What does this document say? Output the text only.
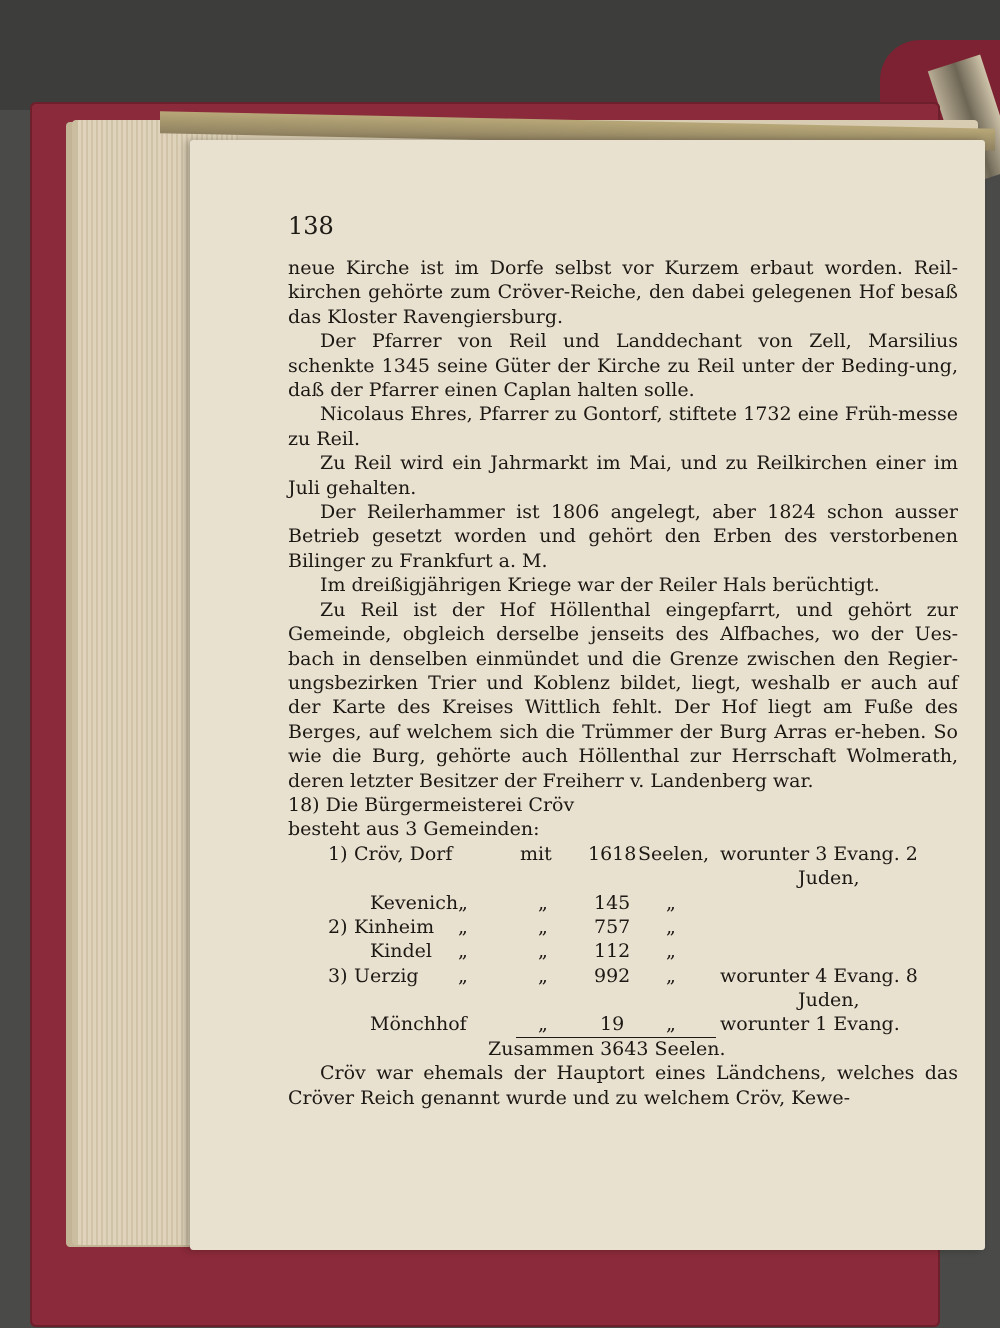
138

neue Kirche ist im Dorfe selbst vor Kurzem erbaut worden. Reil-kirchen gehörte zum Cröver-Reiche, den dabei gelegenen Hof besaß das Kloster Ravengiersburg.

Der Pfarrer von Reil und Landdechant von Zell, Marsilius schenkte 1345 seine Güter der Kirche zu Reil unter der Beding-ung, daß der Pfarrer einen Caplan halten solle.

Nicolaus Ehres, Pfarrer zu Gontorf, stiftete 1732 eine Früh-messe zu Reil.

Zu Reil wird ein Jahrmarkt im Mai, und zu Reilkirchen einer im Juli gehalten.

Der Reilerhammer ist 1806 angelegt, aber 1824 schon ausser Betrieb gesetzt worden und gehört den Erben des verstorbenen Bilinger zu Frankfurt a. M.

Im dreißigjährigen Kriege war der Reiler Hals berüchtigt.

Zu Reil ist der Hof Höllenthal eingepfarrt, und gehört zur Gemeinde, obgleich derselbe jenseits des Alfbaches, wo der Ues-bach in denselben einmündet und die Grenze zwischen den Regier-ungsbezirken Trier und Koblenz bildet, liegt, weshalb er auch auf der Karte des Kreises Wittlich fehlt. Der Hof liegt am Fuße des Berges, auf welchem sich die Trümmer der Burg Arras er-heben. So wie die Burg, gehörte auch Höllenthal zur Herrschaft Wolmerath, deren letzter Besitzer der Freiherr v. Landenberg war.

18) Die Bürgermeisterei Cröv

besteht aus 3 Gemeinden:

1) Cröv, Dorf	mit 1618 Seelen, worunter 3 Evang. 2
Juden,
Kevenich „	„ 145 „
2) Kinheim „	„ 757 „
Kindel „	„ 112 „
3) Uerzig „	„ 992 „ worunter 4 Evang. 8
Juden,
Mönchhof	„	19 „ worunter 1 Evang.
Zusammen 3643 Seelen.

Cröv war ehemals der Hauptort eines Ländchens, welches das Cröver Reich genannt wurde und zu welchem Cröv, Kewe-
